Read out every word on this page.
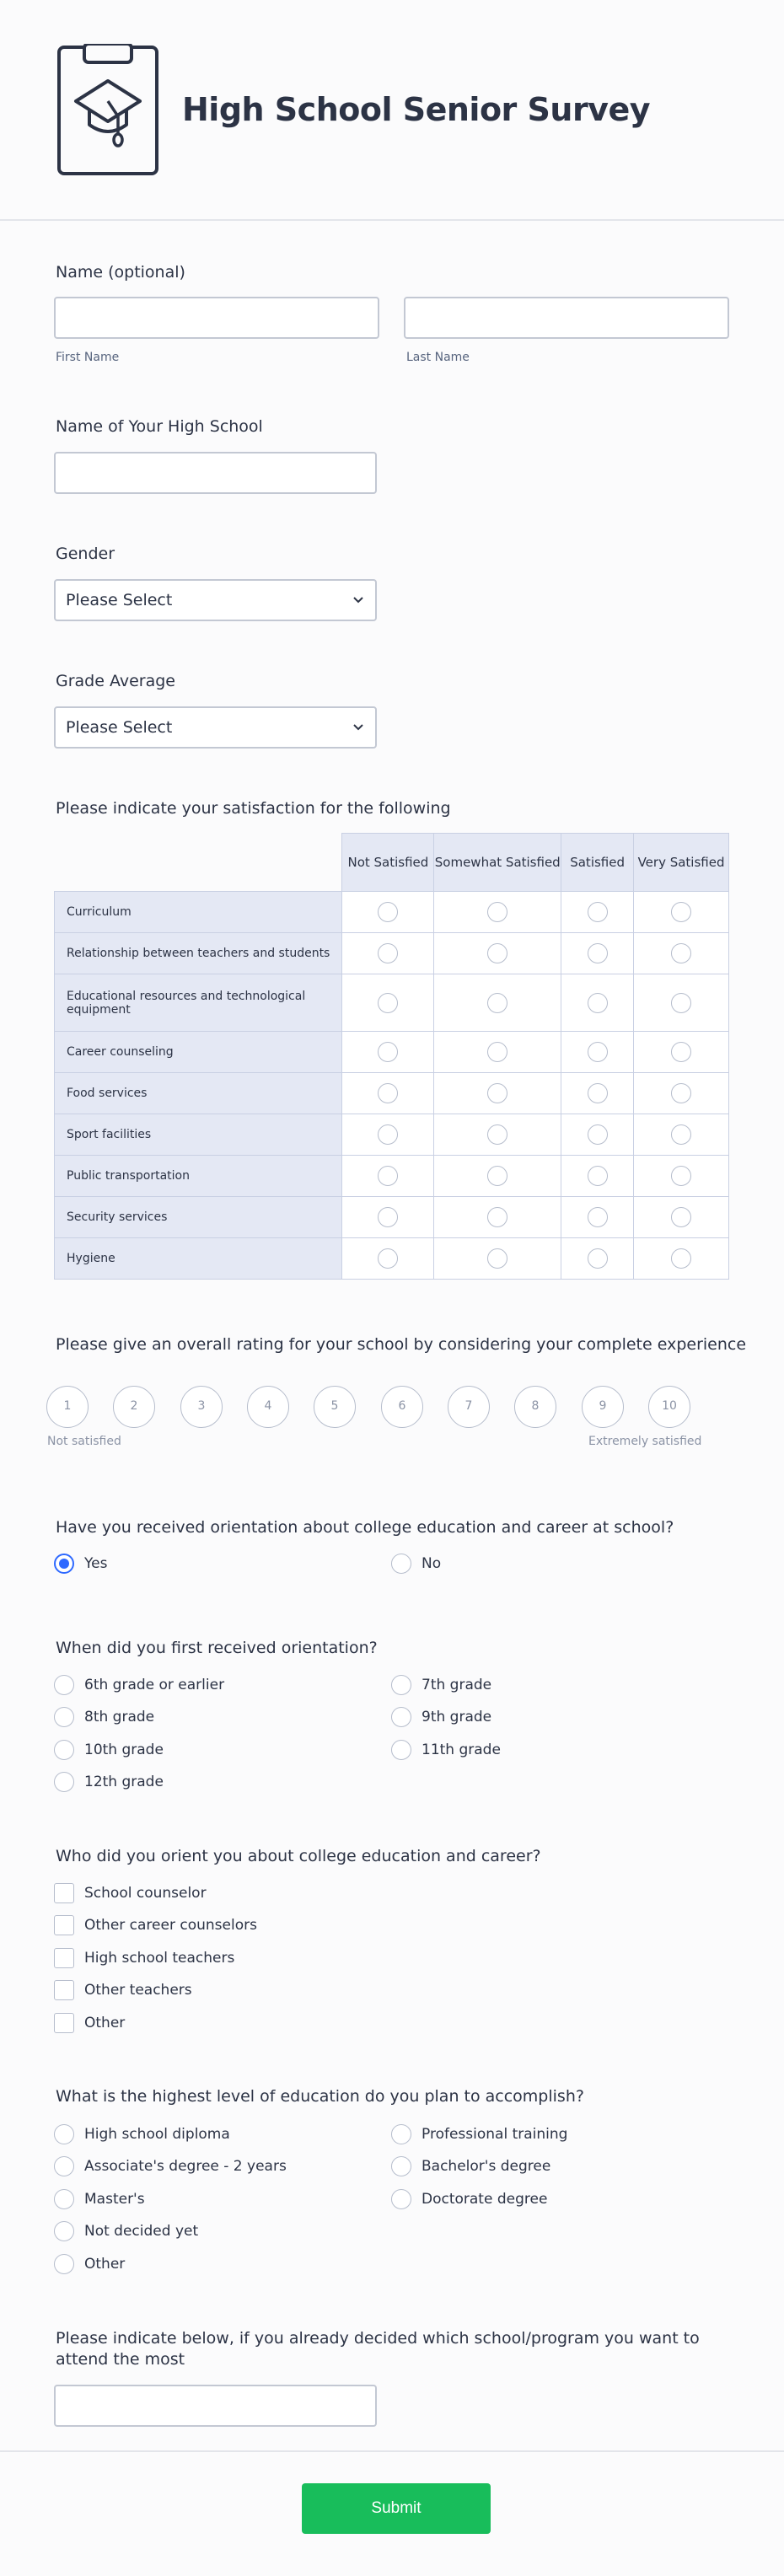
High School Senior Survey
Name (optional)
First Name	Last Name
Name of Your High School
Gender
Please Select
Grade Average
Please Select
Please indicate your satisfaction for the following
	Not Satisfied	Somewhat Satisfied	Satisfied	Very Satisfied
Curriculum				
Relationship between teachers and students				
Educational resources and technological equipment				
Career counseling				
Food services				
Sport facilities				
Public transportation				
Security services				
Hygiene				
Please give an overall rating for your school by considering your complete experience
1	2	3	4	5	6	7	8	9	10
Not satisfied	Extremely satisfied
Have you received orientation about college education and career at school?
Yes	No
When did you first received orientation?
6th grade or earlier	7th grade
8th grade	9th grade
10th grade	11th grade
12th grade
Who did you orient you about college education and career?
School counselor
Other career counselors
High school teachers
Other teachers
Other
What is the highest level of education do you plan to accomplish?
High school diploma	Professional training
Associate's degree - 2 years	Bachelor's degree
Master's	Doctorate degree
Not decided yet
Other
Please indicate below, if you already decided which school/program you want to attend the most
Submit
